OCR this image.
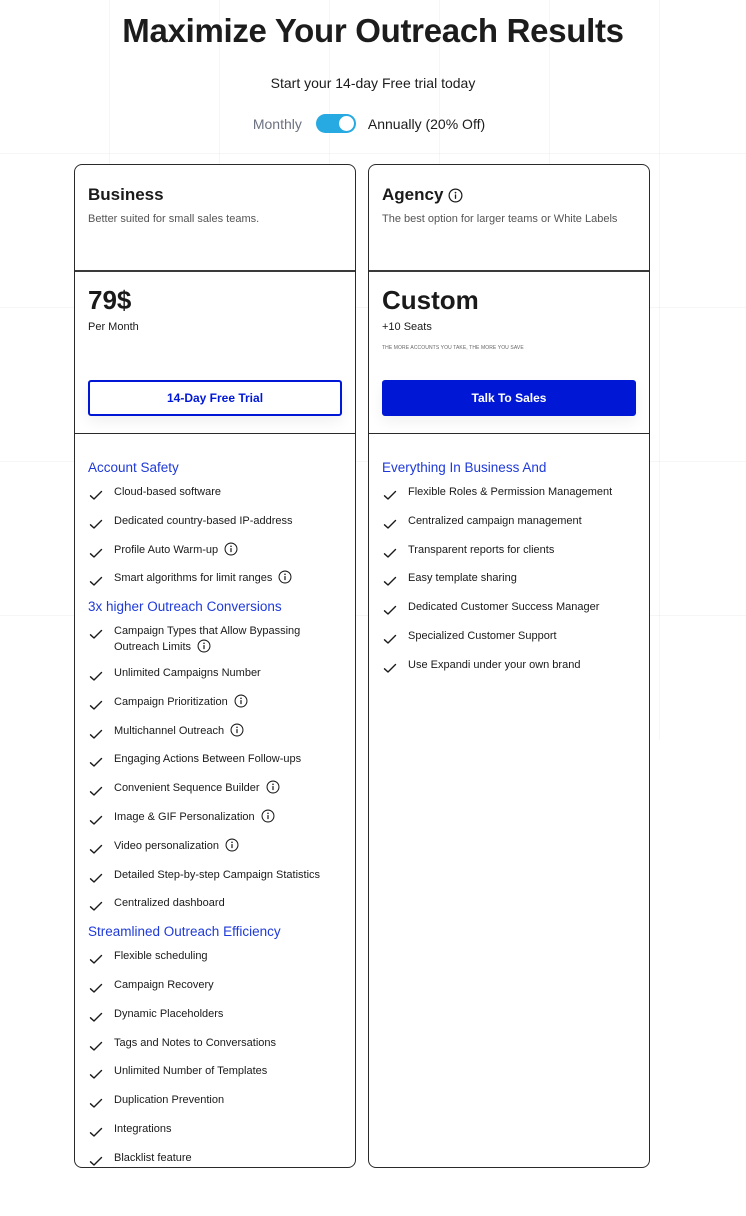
Maximize Your Outreach Results

Start your 14-day Free trial today

Monthly	Annually (20% Off)
Business
Better suited for small sales teams.
79$
Per Month
14-Day Free Trial
Account Safety
Cloud-based software
Dedicated country-based IP-address
Profile Auto Warm-up
Smart algorithms for limit ranges
3x higher Outreach Conversions
Campaign Types that Allow Bypassing Outreach Limits
Unlimited Campaigns Number
Campaign Prioritization
Multichannel Outreach
Engaging Actions Between Follow-ups
Convenient Sequence Builder
Image & GIF Personalization
Video personalization
Detailed Step-by-step Campaign Statistics
Centralized dashboard
Streamlined Outreach Efficiency
Flexible scheduling
Campaign Recovery
Dynamic Placeholders
Tags and Notes to Conversations
Unlimited Number of Templates
Duplication Prevention
Integrations
Blacklist feature
Agency
The best option for larger teams or White Labels
Custom
+10 Seats
THE MORE ACCOUNTS YOU TAKE, THE MORE YOU SAVE
Talk To Sales
Everything In Business And
Flexible Roles & Permission Management
Centralized campaign management
Transparent reports for clients
Easy template sharing
Dedicated Customer Success Manager
Specialized Customer Support
Use Expandi under your own brand
